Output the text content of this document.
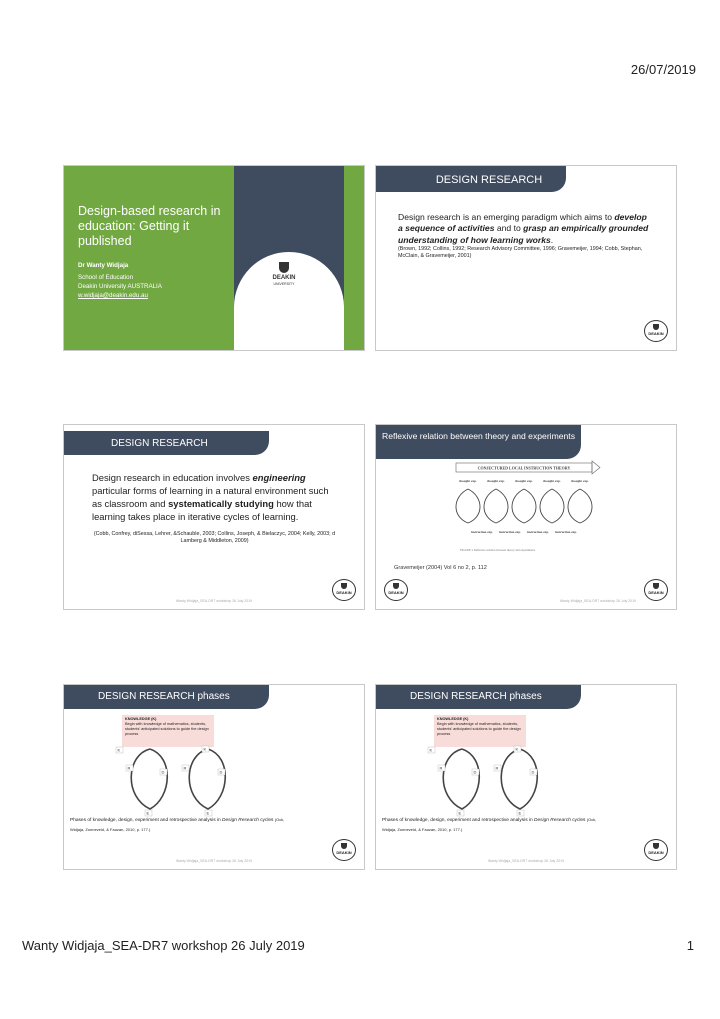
26/07/2019
Design-based research in education: Getting it published
Dr Wanty Widjaja
School of Education
Deakin University AUSTRALIA
w.widjaja@deakin.edu.au
DEAKIN
UNIVERSITY
DESIGN RESEARCH
Design research is an emerging paradigm which aims to develop a sequence of activities and to grasp an empirically grounded understanding of how learning works.
(Brown, 1992; Collins, 1992; Research Advisory Committee, 1996; Gravemeijer, 1994; Cobb, Stephan, McClain, & Gravemeijer, 2001)
DEAKIN
DESIGN RESEARCH
Design research in education involves engineering particular forms of learning in a natural environment such as classroom and systematically studying how that learning takes place in iterative cycles of learning.
(Cobb, Confrey, diSessa, Lehrer, &Schauble, 2003; Collins, Joseph, & Bielaczyc, 2004; Kelly, 2003; d Lamberg & Middleton, 2009)
Wanty Widjaja_SEA-DR7 workshop 26 July 2019
DEAKIN
Reflexive relation between theory and experiments
CONJECTURED LOCAL INSTRUCTION THEORY
thought exp.	thought exp.	thought exp.	thought exp.	thought exp.
instruction exp. instruction exp. instruction exp. instruction exp.
FIGURE 2 Reflexive relation between theory and experiments
Gravemeijer (2004) Vol 6 no 2, p. 112
Wanty Widjaja_SEA-DR7 workshop 26 July 2019
DEAKIN
DEAKIN
DESIGN RESEARCH phases
KNOWLEDGE (K)
Begin with knowledge of mathematics, students, students' anticipated solutions to guide the design process
K	K
R	R
D	D
E	E
Phases of knowledge, design, experiment and retrospective analysis in Design Research cycles (Ock,
Widjaja, Zonneveld, & Fauzan, 2010, p. 177.)
Wanty Widjaja_SEA-DR7 workshop 26 July 2019
DEAKIN
DESIGN RESEARCH phases
KNOWLEDGE (K)
Begin with knowledge of mathematics, students, students' anticipated solutions to guide the design process
K	K
R	R
D	D
E	E
Phases of knowledge, design, experiment and retrospective analysis in Design Research cycles (Ock,
Widjaja, Zonneveld, & Fauzan, 2010, p. 177.)
Wanty Widjaja_SEA-DR7 workshop 26 July 2019
DEAKIN
Wanty Widjaja_SEA-DR7 workshop 26 July 2019	1
